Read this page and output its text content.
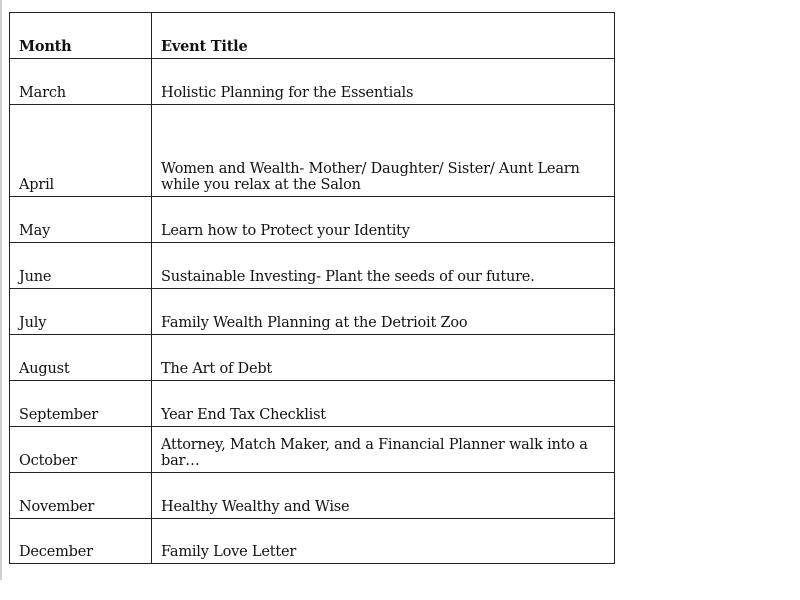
Month	Event Title
March	Holistic Planning for the Essentials
April	Women and Wealth- Mother/ Daughter/ Sister/ Aunt Learn
while you relax at the Salon

May	Learn how to Protect your Identity
June	Sustainable Investing- Plant the seeds of our future.
July	Family Wealth Planning at the Detrioit Zoo
August	The Art of Debt
September	Year End Tax Checklist
October	Attorney, Match Maker, and a Financial Planner walk into a bar…
November	Healthy Wealthy and Wise
December	Family Love Letter
